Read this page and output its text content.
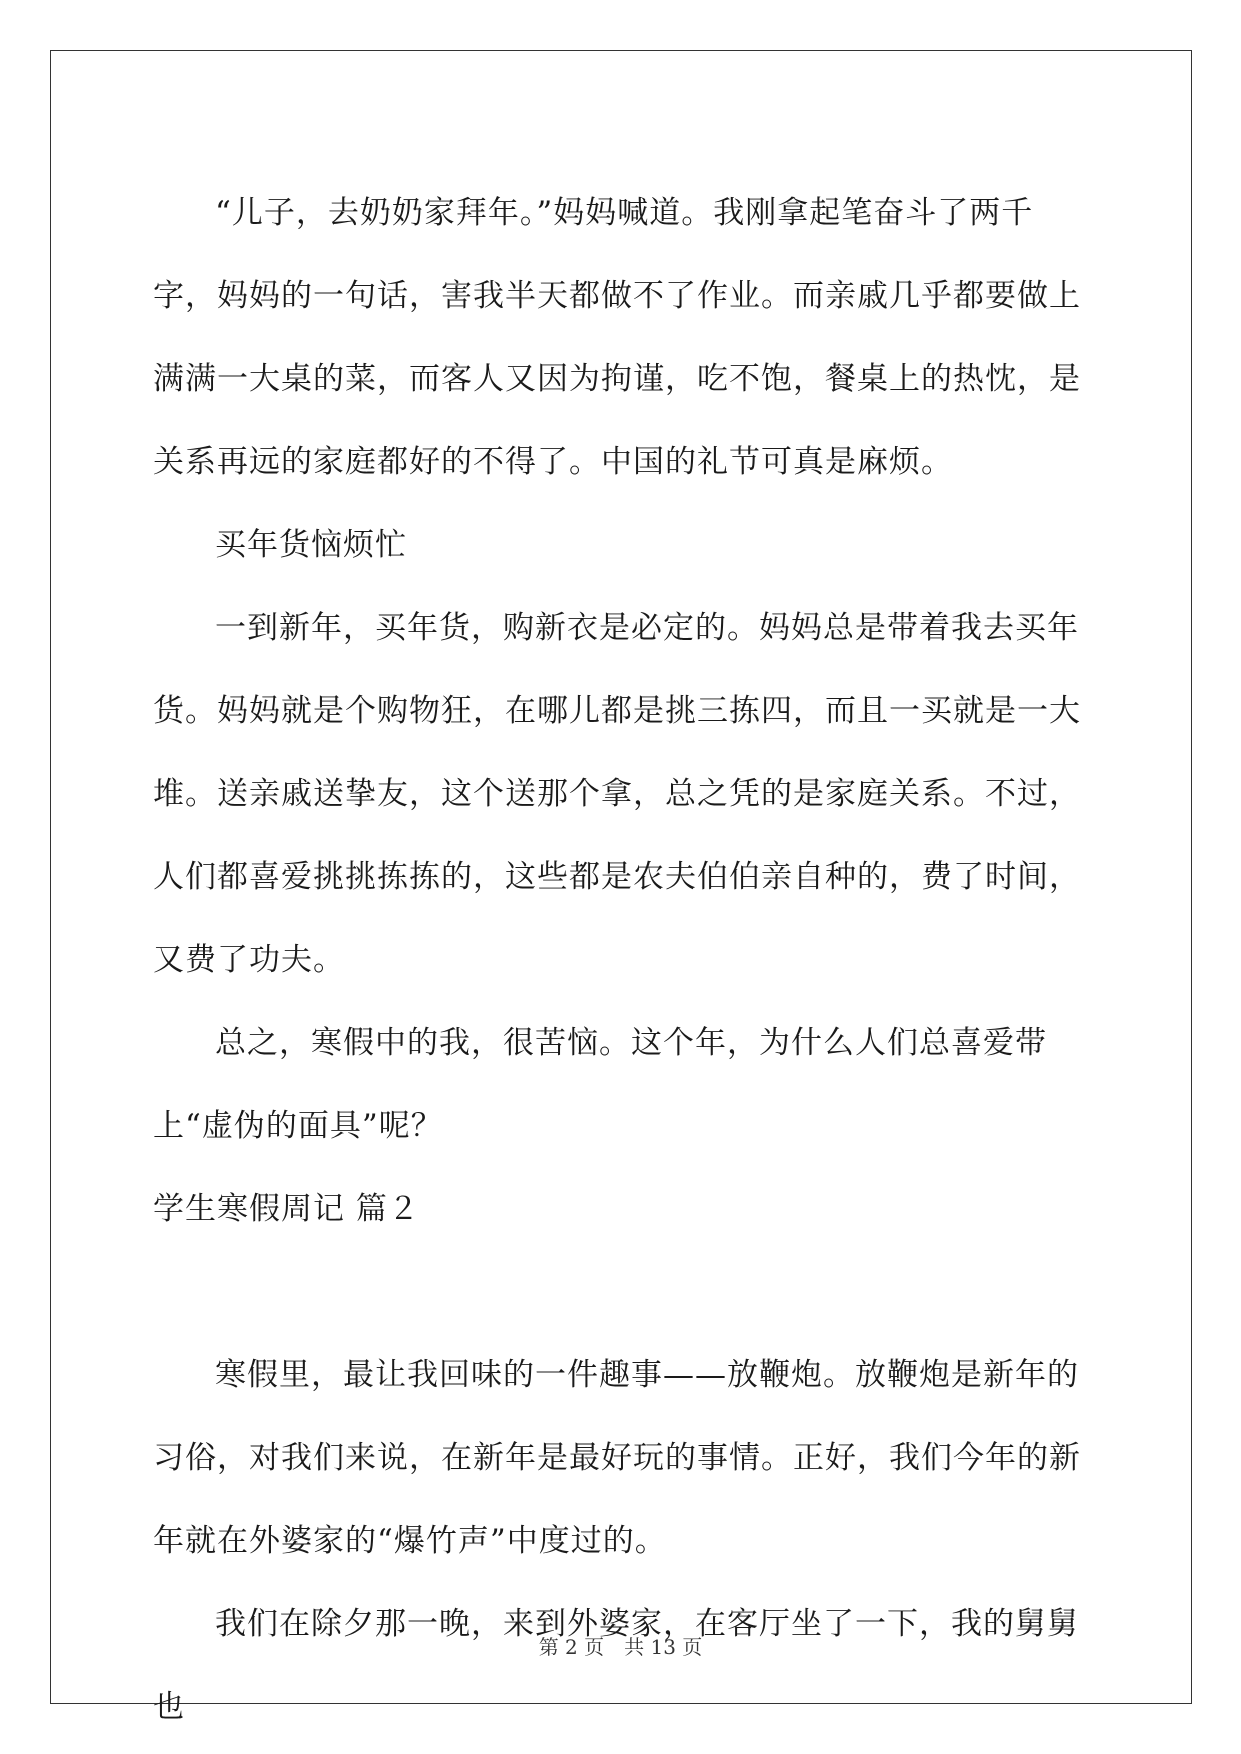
“儿子，去奶奶家拜年。”妈妈喊道。我刚拿起笔奋斗了两千字，妈妈的一句话，害我半天都做不了作业。而亲戚几乎都要做上满满一大桌的菜，而客人又因为拘谨，吃不饱，餐桌上的热忱，是关系再远的家庭都好的不得了。中国的礼节可真是麻烦。

买年货恼烦忙

一到新年，买年货，购新衣是必定的。妈妈总是带着我去买年货。妈妈就是个购物狂，在哪儿都是挑三拣四，而且一买就是一大堆。送亲戚送挚友，这个送那个拿，总之凭的是家庭关系。不过，人们都喜爱挑挑拣拣的，这些都是农夫伯伯亲自种的，费了时间，又费了功夫。

总之，寒假中的我，很苦恼。这个年，为什么人们总喜爱带上“虚伪的面具”呢？

学生寒假周记 篇２

寒假里，最让我回味的一件趣事——放鞭炮。放鞭炮是新年的习俗，对我们来说，在新年是最好玩的事情。正好，我们今年的新年就在外婆家的“爆竹声”中度过的。

我们在除夕那一晚，来到外婆家，在客厅坐了一下，我的舅舅也

第 2 页　共 13 页
